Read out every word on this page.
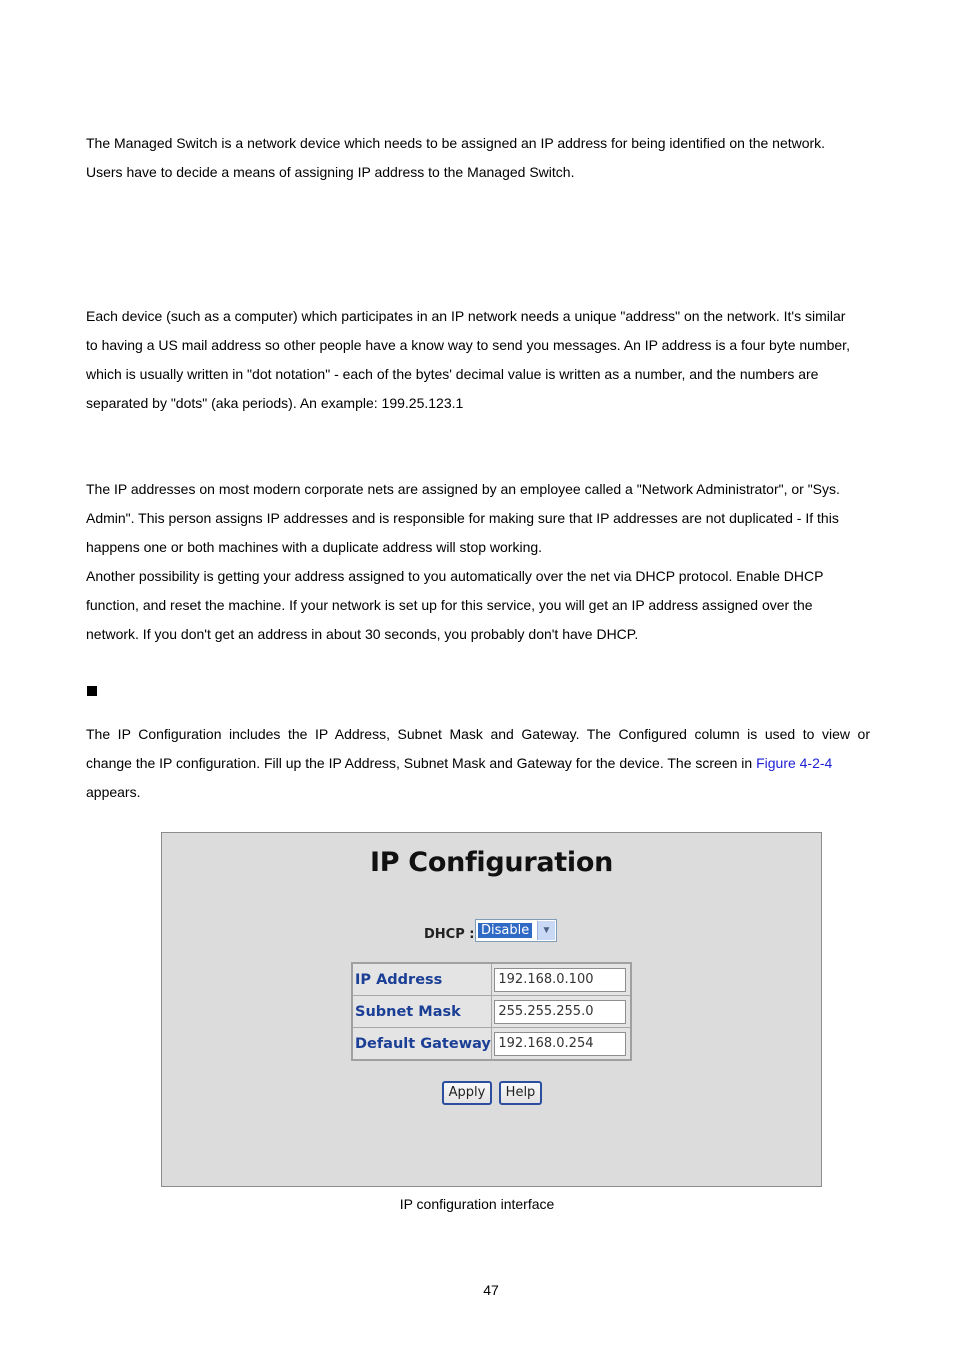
The Managed Switch is a network device which needs to be assigned an IP address for being identified on the network.
Users have to decide a means of assigning IP address to the Managed Switch.

Each device (such as a computer) which participates in an IP network needs a unique "address" on the network. It's similar
to having a US mail address so other people have a know way to send you messages. An IP address is a four byte number,
which is usually written in "dot notation" - each of the bytes' decimal value is written as a number, and the numbers are
separated by "dots" (aka periods). An example: 199.25.123.1

The IP addresses on most modern corporate nets are assigned by an employee called a "Network Administrator", or "Sys.
Admin". This person assigns IP addresses and is responsible for making sure that IP addresses are not duplicated - If this
happens one or both machines with a duplicate address will stop working.
Another possibility is getting your address assigned to you automatically over the net via DHCP protocol. Enable DHCP
function, and reset the machine. If your network is set up for this service, you will get an IP address assigned over the
network. If you don't get an address in about 30 seconds, you probably don't have DHCP.

The IP Configuration includes the IP Address, Subnet Mask and Gateway. The Configured column is used to view or
change the IP configuration. Fill up the IP Address, Subnet Mask and Gateway for the device. The screen in Figure 4-2-4
appears.

IP Configuration
DHCP : Disable	▼
IP Address	192.168.0.100

Subnet Mask	255.255.255.0

Default Gateway	192.168.0.254
Apply	Help
IP configuration interface
47
